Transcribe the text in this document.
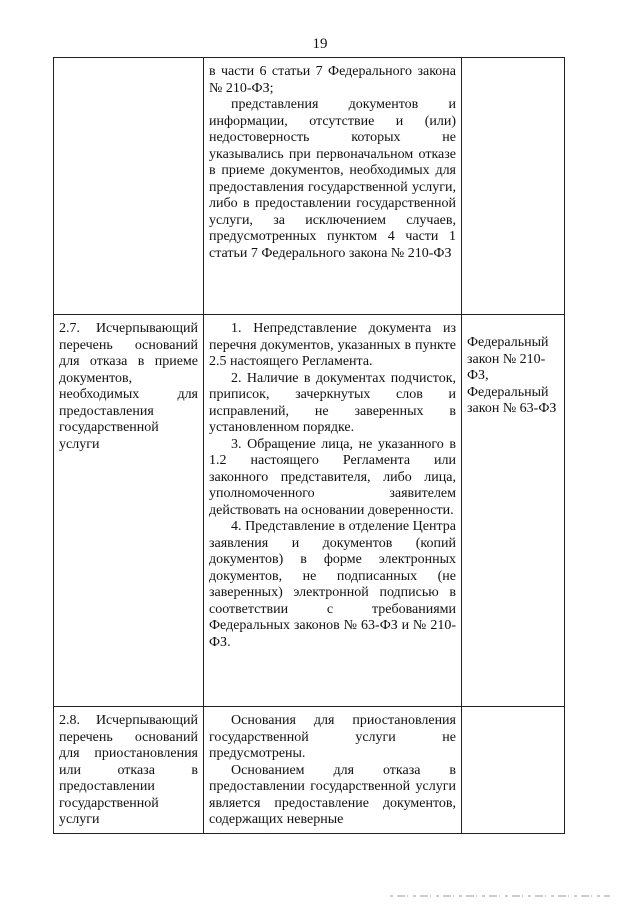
19

	в части 6 статьи 7 Федерального закона № 210-ФЗ;

представления документов и информации, отсутствие и (или) недостоверность которых не указывались при первоначальном отказе в приеме документов, необходимых для предоставления государственной услуги, либо в предоставлении государственной услуги, за исключением случаев, предусмотренных пунктом 4 части 1 статьи 7 Федерального закона № 210-ФЗ	

2.7. Исчерпывающий перечень оснований для отказа в приеме документов, необходимых для предоставления государственной услуги	1. Непредставление документа из перечня документов, указанных в пункте 2.5 настоящего Регламента.

2. Наличие в документах подчисток, приписок, зачеркнутых слов и исправлений, не заверенных в установленном порядке.

3. Обращение лица, не указанного в 1.2 настоящего Регламента или законного представителя, либо лица, уполномоченного заявителем действовать на основании доверенности.

4. Представление в отделение Центра заявления и документов (копий документов) в форме электронных документов, не подписанных (не заверенных) электронной подписью в соответствии с требованиями Федеральных законов № 63-ФЗ и № 210-ФЗ.	Федеральный закон № 210-ФЗ, Федеральный закон № 63-ФЗ

2.8. Исчерпывающий перечень оснований для приостановления или отказа в предоставлении государственной услуги	Основания для приостановления государственной услуги не предусмотрены.

Основанием для отказа в предоставлении государственной услуги является предоставление документов, содержащих неверные	
